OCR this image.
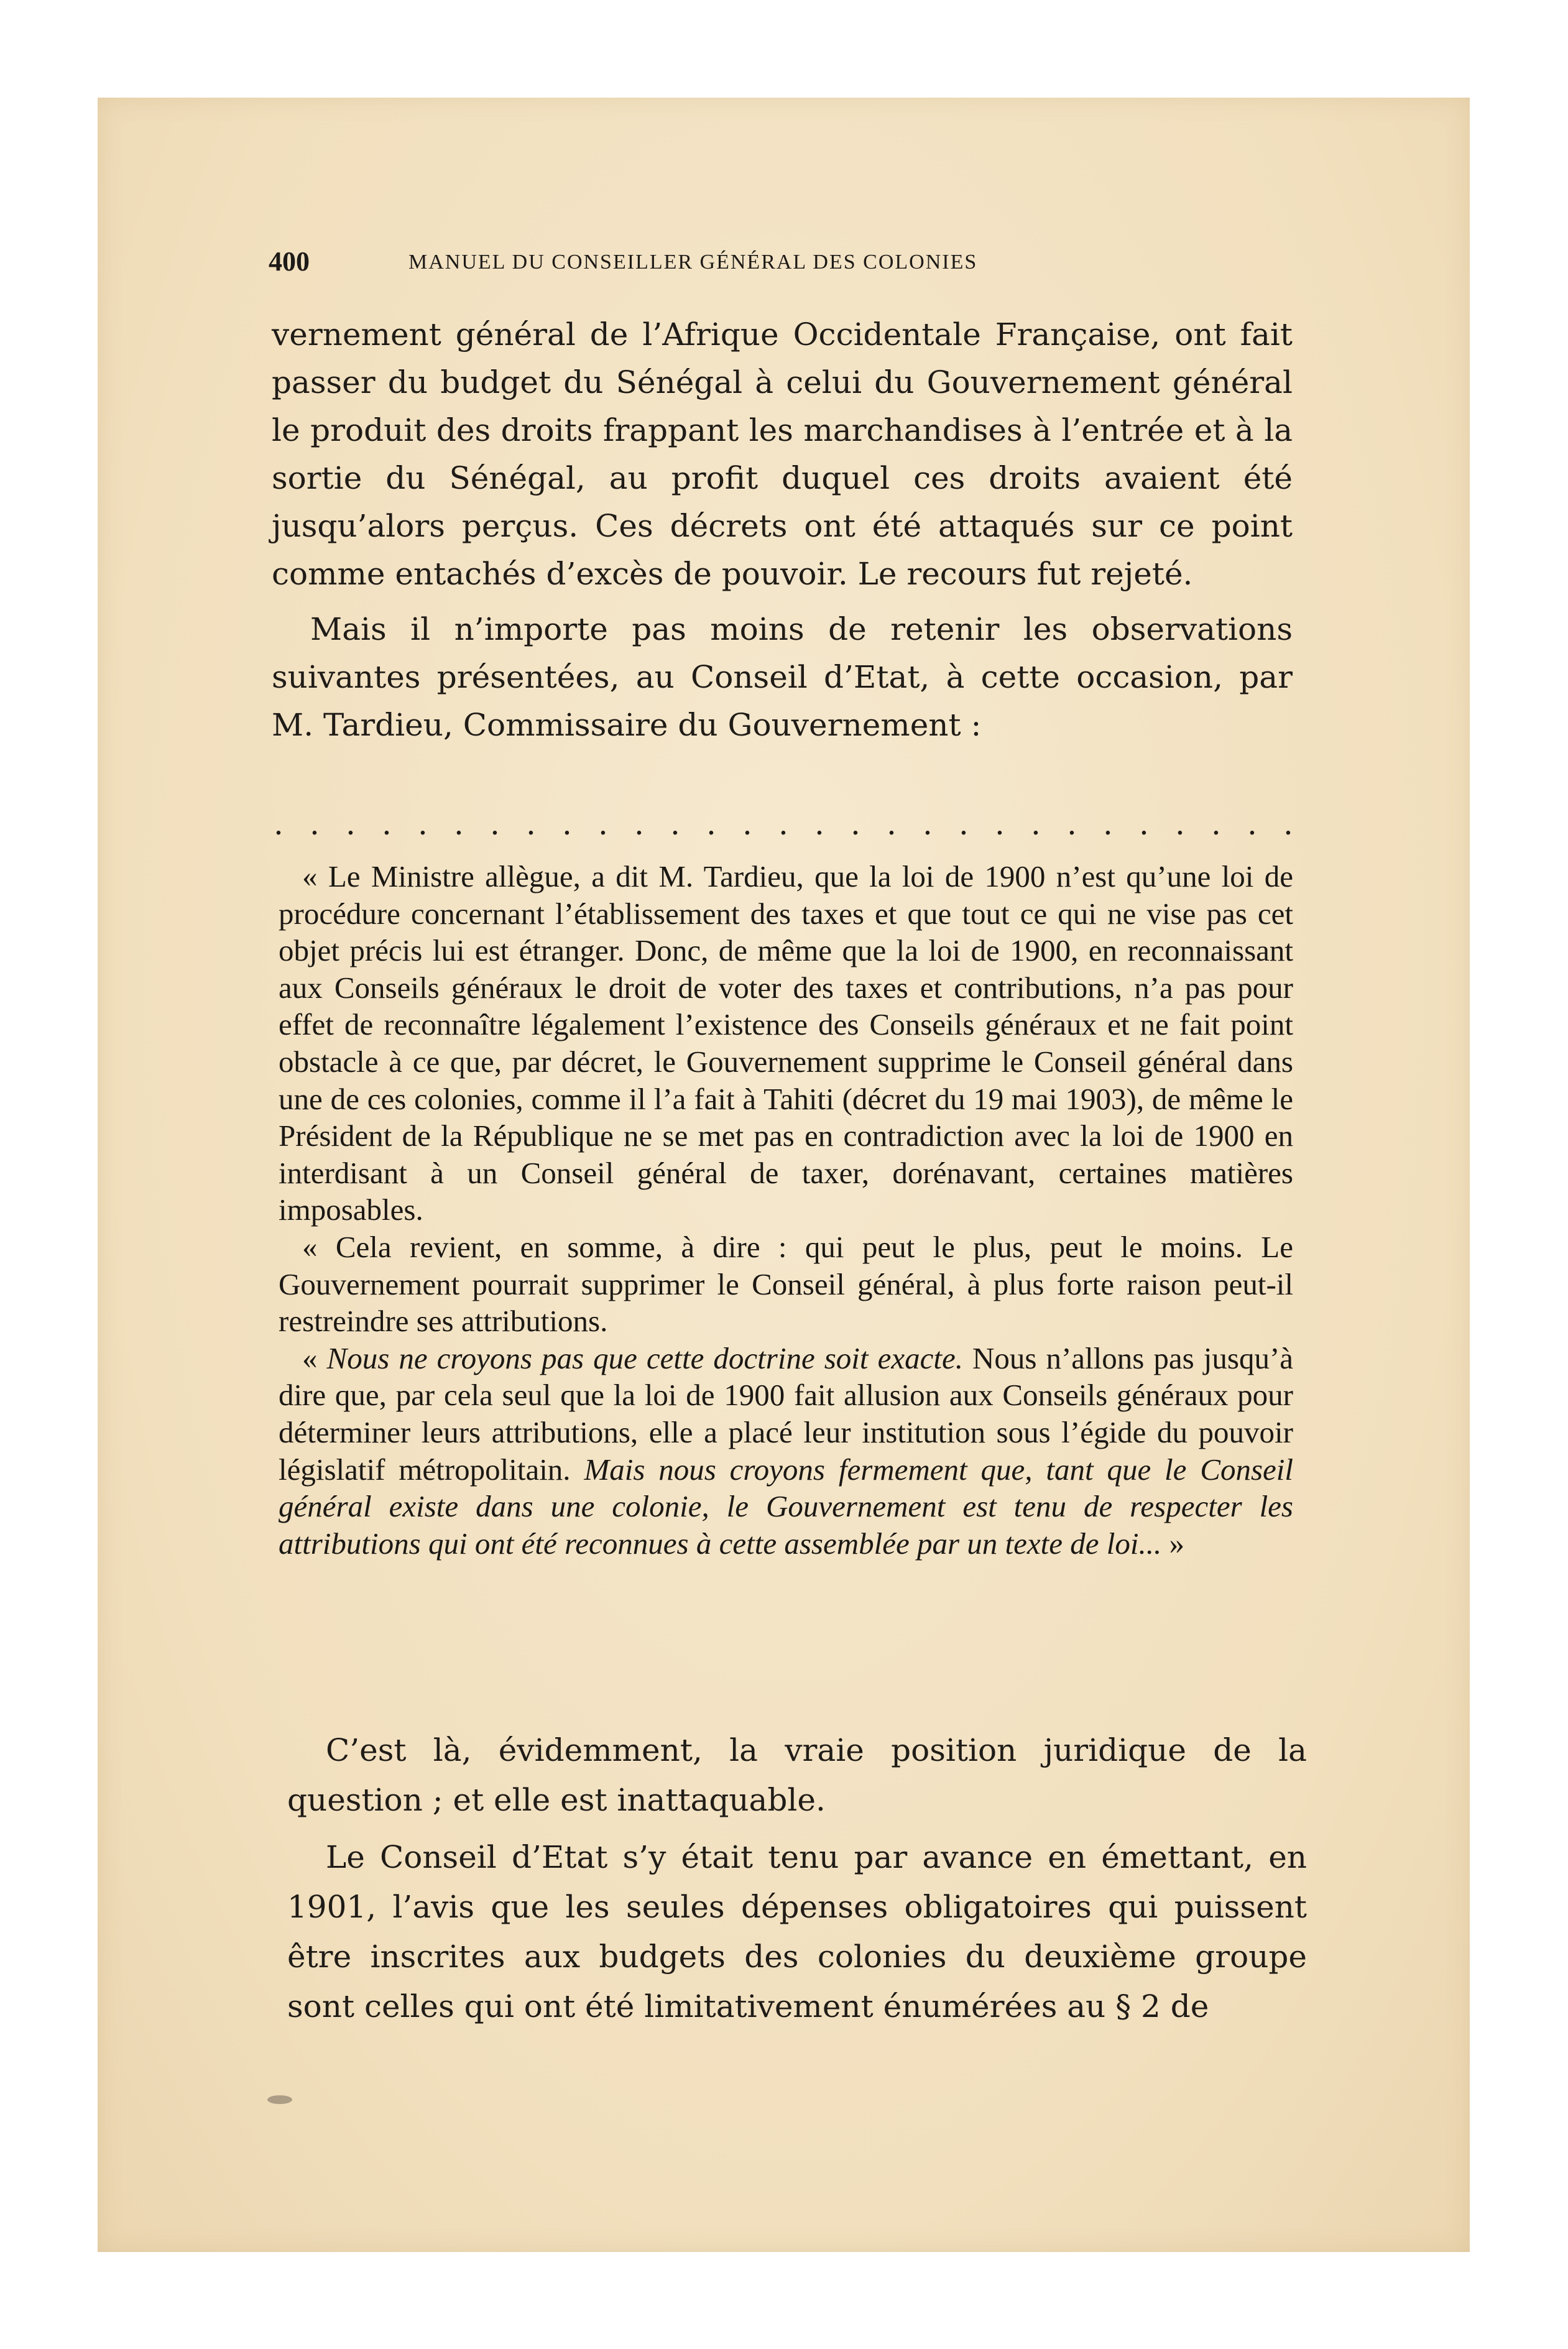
400	MANUEL DU CONSEILLER GÉNÉRAL DES COLONIES

vernement général de l’Afrique Occidentale Française, ont fait passer du budget du Sénégal à celui du Gouvernement général le produit des droits frappant les marchandises à l’entrée et à la sortie du Sénégal, au profit duquel ces droits avaient été jusqu’alors perçus. Ces décrets ont été attaqués sur ce point comme entachés d’excès de pouvoir. Le recours fut rejeté.

Mais il n’importe pas moins de retenir les observations suivantes présentées, au Conseil d’Etat, à cette occasion, par M. Tardieu, Commissaire du Gouvernement :

. . . . . . . . . . . . . . . . . . . . . . . . . . . . .

« Le Ministre allègue, a dit M. Tardieu, que la loi de 1900 n’est qu’une loi de procédure concernant l’établissement des taxes et que tout ce qui ne vise pas cet objet précis lui est étranger. Donc, de même que la loi de 1900, en reconnaissant aux Conseils généraux le droit de voter des taxes et contributions, n’a pas pour effet de reconnaître légalement l’existence des Conseils généraux et ne fait point obstacle à ce que, par décret, le Gouvernement supprime le Conseil général dans une de ces colonies, comme il l’a fait à Tahiti (décret du 19 mai 1903), de même le Président de la République ne se met pas en contradiction avec la loi de 1900 en interdisant à un Conseil général de taxer, dorénavant, certaines matières imposables.

« Cela revient, en somme, à dire : qui peut le plus, peut le moins. Le Gouvernement pourrait supprimer le Conseil général, à plus forte raison peut-il restreindre ses attributions.

« Nous ne croyons pas que cette doctrine soit exacte. Nous n’allons pas jusqu’à dire que, par cela seul que la loi de 1900 fait allusion aux Conseils généraux pour déterminer leurs attributions, elle a placé leur institution sous l’égide du pouvoir législatif métropolitain. Mais nous croyons fermement que, tant que le Conseil général existe dans une colonie, le Gouvernement est tenu de respecter les attributions qui ont été reconnues à cette assemblée par un texte de loi... »

C’est là, évidemment, la vraie position juridique de la question ; et elle est inattaquable.

Le Conseil d’Etat s’y était tenu par avance en émettant, en 1901, l’avis que les seules dépenses obligatoires qui puissent être inscrites aux budgets des colonies du deuxième groupe sont celles qui ont été limitativement énumérées au § 2 de
